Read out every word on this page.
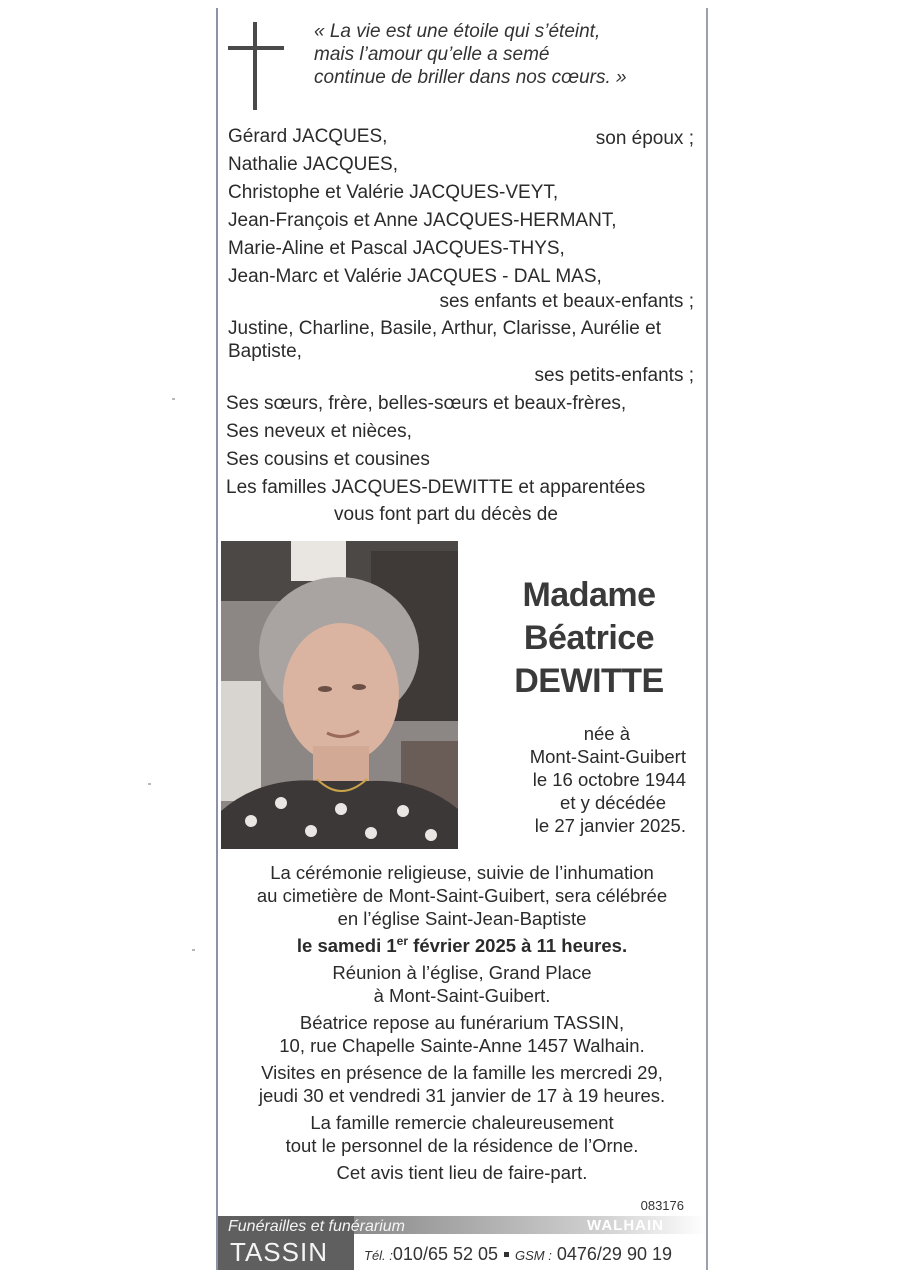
« La vie est une étoile qui s’éteint,
mais l’amour qu’elle a semé
continue de briller dans nos cœurs. »
Gérard JACQUES,	son époux ;
Nathalie JACQUES,
Christophe et Valérie JACQUES-VEYT,
Jean-François et Anne JACQUES-HERMANT,
Marie-Aline et Pascal JACQUES-THYS,
Jean-Marc et Valérie JACQUES - DAL MAS,
ses enfants et beaux-enfants ;
Justine, Charline, Basile, Arthur, Clarisse, Aurélie et
Baptiste,
ses petits-enfants ;
Ses sœurs, frère, belles-sœurs et beaux-frères,
Ses neveux et nièces,
Ses cousins et cousines
Les familles JACQUES-DEWITTE et apparentées
vous font part du décès de
Madame
Béatrice
DEWITTE
née à
Mont-Saint-Guibert
le 16 octobre 1944
et y décédée
le 27 janvier 2025.
La cérémonie religieuse, suivie de l’inhumation
au cimetière de Mont-Saint-Guibert, sera célébrée
en l’église Saint-Jean-Baptiste
le samedi 1er février 2025 à 11 heures.
Réunion à l’église, Grand Place
à Mont-Saint-Guibert.
Béatrice repose au funérarium TASSIN,
10, rue Chapelle Sainte-Anne 1457 Walhain.
Visites en présence de la famille les mercredi 29,
jeudi 30 et vendredi 31 janvier de 17 à 19 heures.
La famille remercie chaleureusement
tout le personnel de la résidence de l’Orne.
Cet avis tient lieu de faire-part.
083176
Funérailles et funérarium
TASSIN
WALHAIN
Tél. :010/65 52 05 GSM : 0476/29 90 19
